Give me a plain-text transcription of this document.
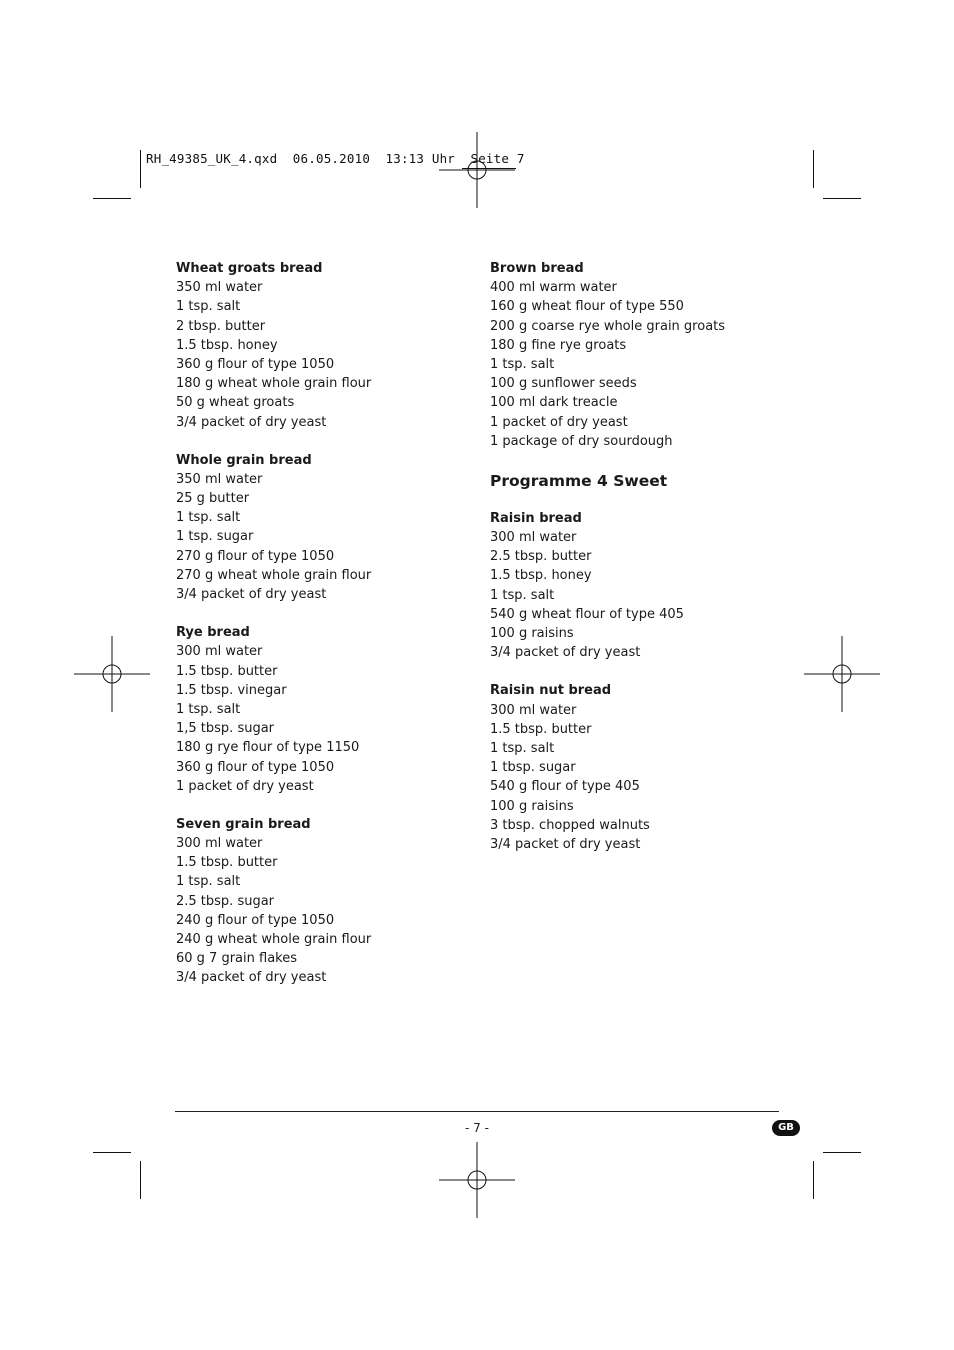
RH_49385_UK_4.qxd  06.05.2010  13:13 Uhr  Seite 7
Wheat groats bread
350 ml water
1 tsp. salt
2 tbsp. butter
1.5 tbsp. honey
360 g flour of type 1050
180 g wheat whole grain flour
50 g wheat groats
3/4 packet of dry yeast
Whole grain bread
350 ml water
25 g butter
1 tsp. salt
1 tsp. sugar
270 g flour of type 1050
270 g wheat whole grain flour
3/4 packet of dry yeast
Rye bread
300 ml water
1.5 tbsp. butter
1.5 tbsp. vinegar
1 tsp. salt
1,5 tbsp. sugar
180 g rye flour of type 1150
360 g flour of type 1050
1 packet of dry yeast
Seven grain bread
300 ml water
1.5 tbsp. butter
1 tsp. salt
2.5 tbsp. sugar
240 g flour of type 1050
240 g wheat whole grain flour
60 g 7 grain flakes
3/4 packet of dry yeast
Brown bread
400 ml warm water
160 g wheat flour of type 550
200 g coarse rye whole grain groats
180 g fine rye groats
1 tsp. salt
100 g sunflower seeds
100 ml dark treacle
1 packet of dry yeast
1 package of dry sourdough
Programme 4 Sweet
Raisin bread
300 ml water
2.5 tbsp. butter
1.5 tbsp. honey
1 tsp. salt
540 g wheat flour of type 405
100 g raisins
3/4 packet of dry yeast
Raisin nut bread
300 ml water
1.5 tbsp. butter
1 tsp. salt
1 tbsp. sugar
540 g flour of type 405
100 g raisins
3 tbsp. chopped walnuts
3/4 packet of dry yeast
- 7 -	GB
